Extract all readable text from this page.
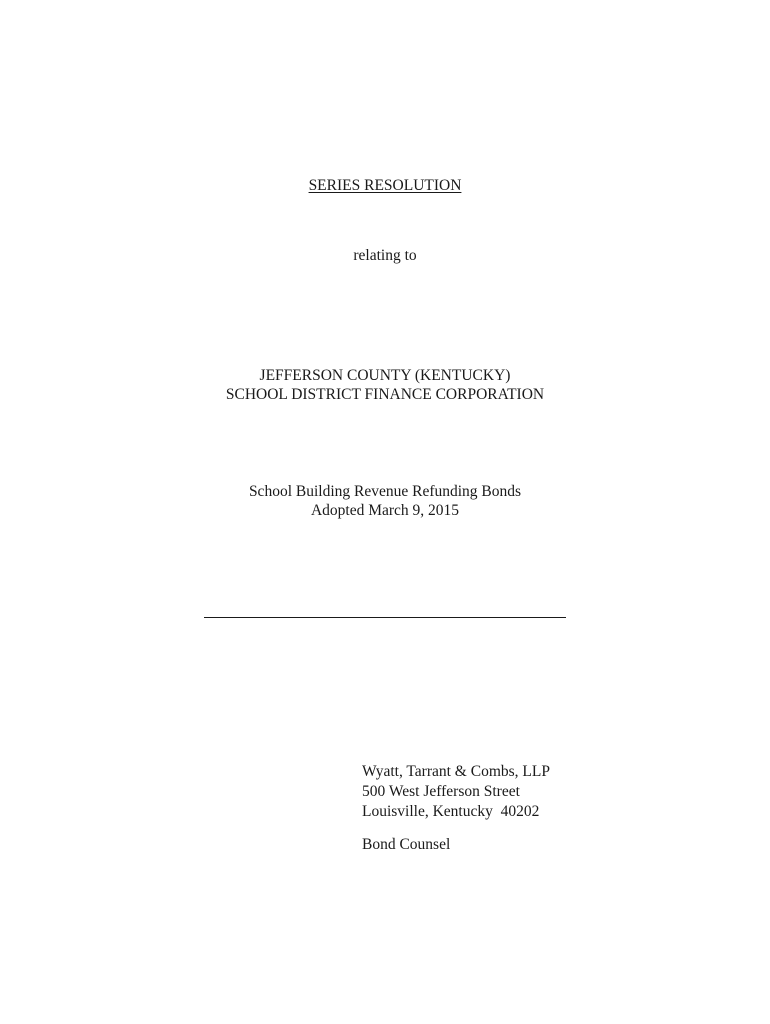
SERIES RESOLUTION
relating to
JEFFERSON COUNTY (KENTUCKY)
SCHOOL DISTRICT FINANCE CORPORATION
School Building Revenue Refunding Bonds
Adopted March 9, 2015
Wyatt, Tarrant & Combs, LLP
500 West Jefferson Street
Louisville, Kentucky  40202
Bond Counsel
